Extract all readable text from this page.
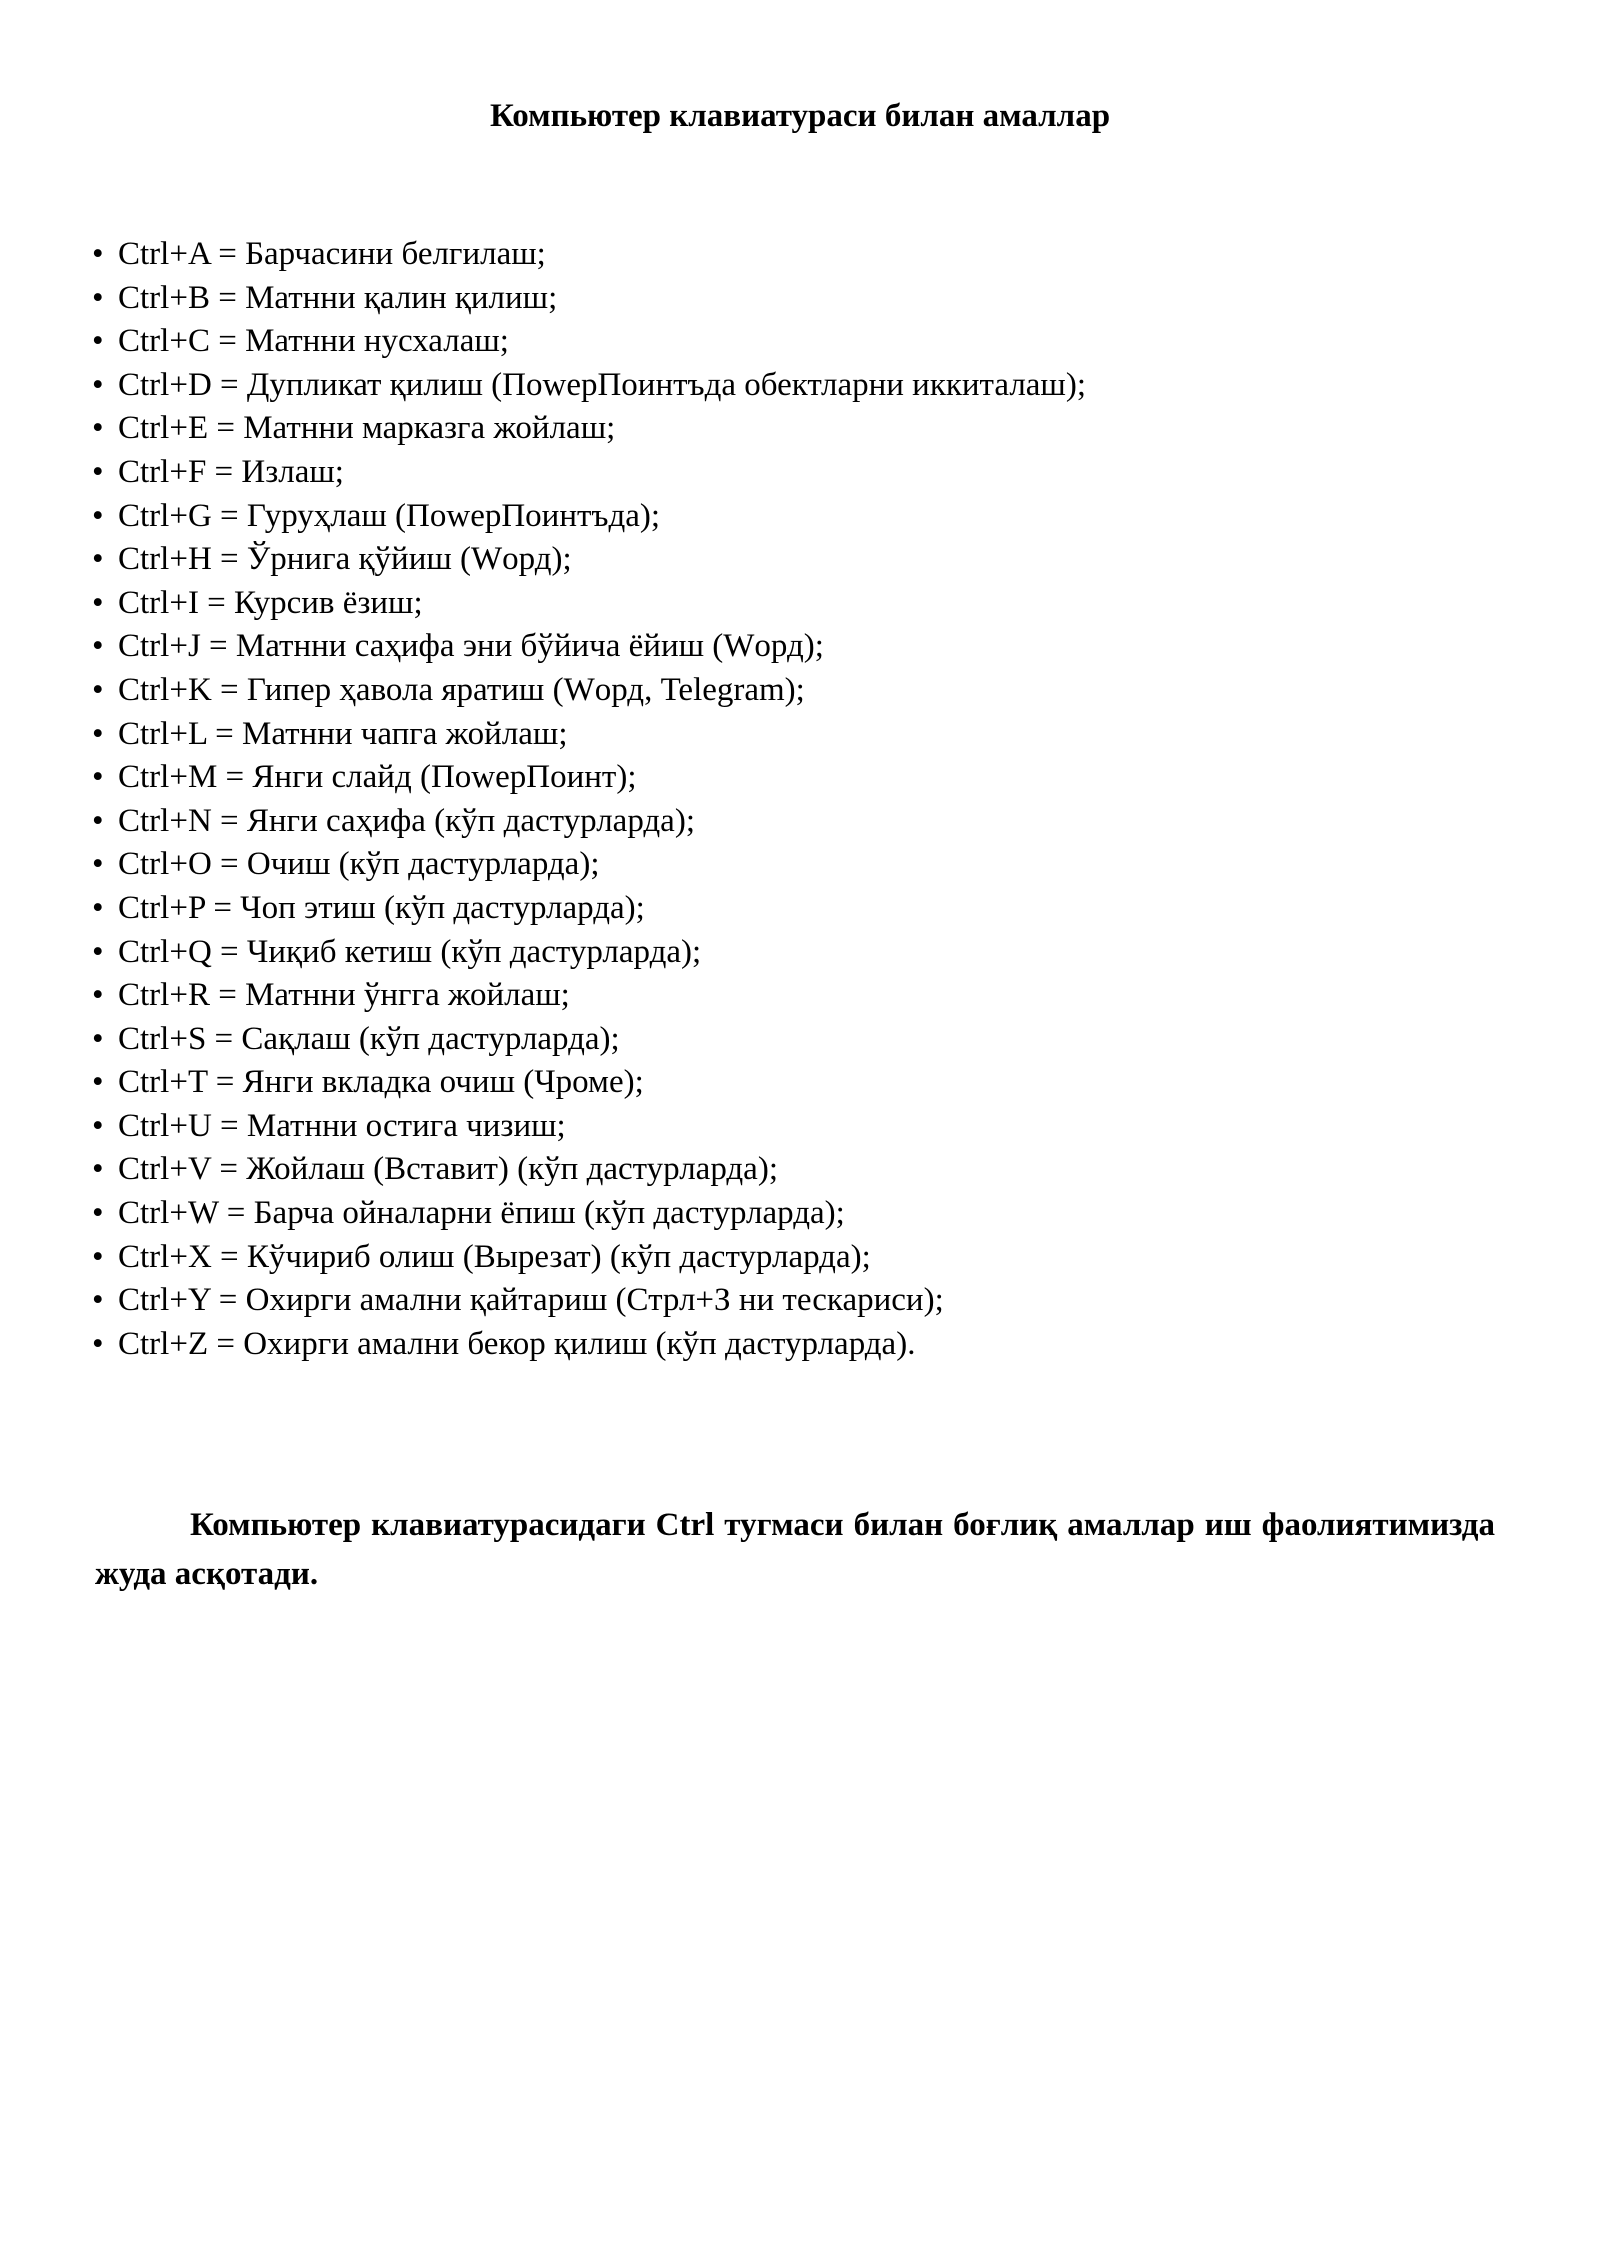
Компьютер клавиатураси билан амаллар
• Ctrl+A = Барчасини белгилаш;
• Ctrl+B = Матнни қалин қилиш;
• Ctrl+C = Матнни нусхалаш;
• Ctrl+D = Дупликат қилиш (ПоwерПоинтъда обектларни иккиталаш);
• Ctrl+E = Матнни марказга жойлаш;
• Ctrl+F = Излаш;
• Ctrl+G = Гуруҳлаш (ПоwерПоинтъда);
• Ctrl+H = Ўрнига қўйиш (Wорд);
• Ctrl+I = Курсив ёзиш;
• Ctrl+J = Матнни саҳифа эни бўйича ёйиш (Wорд);
• Ctrl+K = Гипер ҳавола яратиш (Wорд, Telegram);
• Ctrl+L = Матнни чапга жойлаш;
• Ctrl+M = Янги слайд (ПоwерПоинт);
• Ctrl+N = Янги саҳифа (кўп дастурларда);
• Ctrl+O = Очиш (кўп дастурларда);
• Ctrl+P = Чоп этиш (кўп дастурларда);
• Ctrl+Q = Чиқиб кетиш (кўп дастурларда);
• Ctrl+R = Матнни ўнгга жойлаш;
• Ctrl+S = Сақлаш (кўп дастурларда);
• Ctrl+T = Янги вкладка очиш (Чроме);
• Ctrl+U = Матнни остига чизиш;
• Ctrl+V = Жойлаш (Вставит) (кўп дастурларда);
• Ctrl+W = Барча ойналарни ёпиш (кўп дастурларда);
• Ctrl+X = Кўчириб олиш (Вырезат) (кўп дастурларда);
• Ctrl+Y = Охирги амални қайтариш (Стрл+З ни тескариси);
• Ctrl+Z = Охирги амални бекор қилиш (кўп дастурларда).

Компьютер клавиатурасидаги Ctrl тугмаси билан боғлиқ амаллар иш фаолиятимизда жуда асқотади.
